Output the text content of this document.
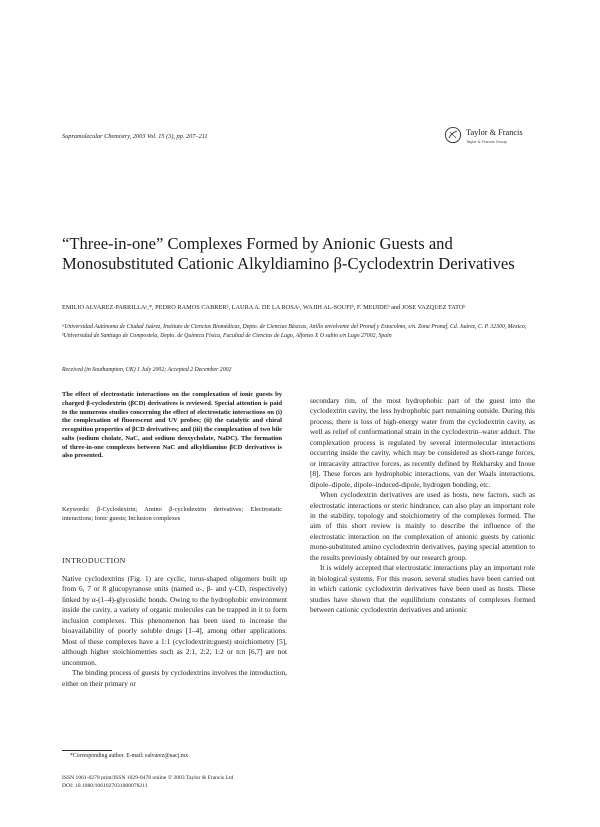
Supramolecular Chemistry, 2003 Vol. 15 (3), pp. 207–211	Taylor & Francis
Taylor & Francis Group
“Three-in-one” Complexes Formed by Anionic Guests and Monosubstituted Cationic Alkyldiamino β-Cyclodextrin Derivatives
EMILIO ALVAREZ-PARRILLAᵃ,*, PEDRO RAMOS CABRERᵇ, LAURA A. DE LA ROSAᵃ, WAJIH AL-SOUFIᵇ, F. MEIJIDEᵇ and JOSE VAZQUEZ TATOᵇ
ᵃUniversidad Autónoma de Ciudad Juárez, Instituto de Ciencias Biomédicas, Depto. de Ciencias Básicas, Anillo envolvente del Pronaf y Estocolmo, s/n. Zona Pronaf, Cd. Juárez, C. P. 32300, Mexico; ᵇUniversidad de Santiago de Compostela, Depto. de Química Física, Facultad de Ciencias de Lugo, Alfonso X O sabio s/n Lugo 27002, Spain
Received (in Southampton, UK) 1 July 2002; Accepted 2 December 2002
The effect of electrostatic interactions on the complexation of ionic guests by charged β-cyclodextrin (βCD) derivatives is reviewed. Special attention is paid to the numerous studies concerning the effect of electrostatic interactions on (i) the complexation of fluorescent and UV probes; (ii) the catalytic and chiral recognition properties of βCD derivatives; and (iii) the complexation of two bile salts (sodium cholate, NaC, and sodium deoxycholate, NaDC). The formation of three-in-one complexes between NaC and alkyldiamino βCD derivatives is also presented.
Keywords: β-Cyclodextrin; Amino β-cyclodextrin derivatives; Electrostatic interactions; Ionic guests; Inclusion complexes
INTRODUCTION

Native cyclodextrins (Fig. 1) are cyclic, torus-shaped oligomers built up from 6, 7 or 8 glucopyranose units (named α-, β- and γ-CD, respectively) linked by α-(1–4)-glycosidic bonds. Owing to the hydrophobic environment inside the cavity, a variety of organic molecules can be trapped in it to form inclusion complexes. This phenomenon has been used to increase the bioavailability of poorly soluble drugs [1–4], among other applications. Most of these complexes have a 1:1 (cyclodextrin:guest) stoichiometry [5], although higher stoichiometries such as 2:1, 2:2, 1:2 or n:n [6,7] are not uncommon.

The binding process of guests by cyclodextrins involves the introduction, either on their primary or

secondary rim, of the most hydrophobic part of the guest into the cyclodextrin cavity, the less hydrophobic part remaining outside. During this process, there is loss of high-energy water from the cyclodextrin cavity, as well as relief of conformational strain in the cyclodextrin–water adduct. The complexation process is regulated by several intermolecular interactions occurring inside the cavity, which may be considered as short-range forces, or intracavity attractive forces, as recently defined by Rekharsky and Inoue [8]. These forces are hydrophobic interactions, van der Waals interactions, dipole–dipole, dipole–induced-dipole, hydrogen bonding, etc.

When cyclodextrin derivatives are used as hosts, new factors, such as electrostatic interactions or steric hindrance, can also play an important role in the stability, topology and stoichiometry of the complexes formed. The aim of this short review is mainly to describe the influence of the electrostatic interaction on the complexation of anionic guests by cationic mono-substituted amino cyclodextrin derivatives, paying special attention to the results previously obtained by our research group.

It is widely accepted that electrostatic interactions play an important role in biological systems. For this reason, several studies have been carried out in which cationic cyclodextrin derivatives have been used as hosts. These studies have shown that the equilibrium constants of complexes formed between cationic cyclodextrin derivatives and anionic

*Corresponding author. E-mail: ealvarez@uacj.mx
ISSN 1061-0278 print/ISSN 1029-0478 online © 2003 Taylor & Francis Ltd
DOI: 10.1080/1061027031000078211
